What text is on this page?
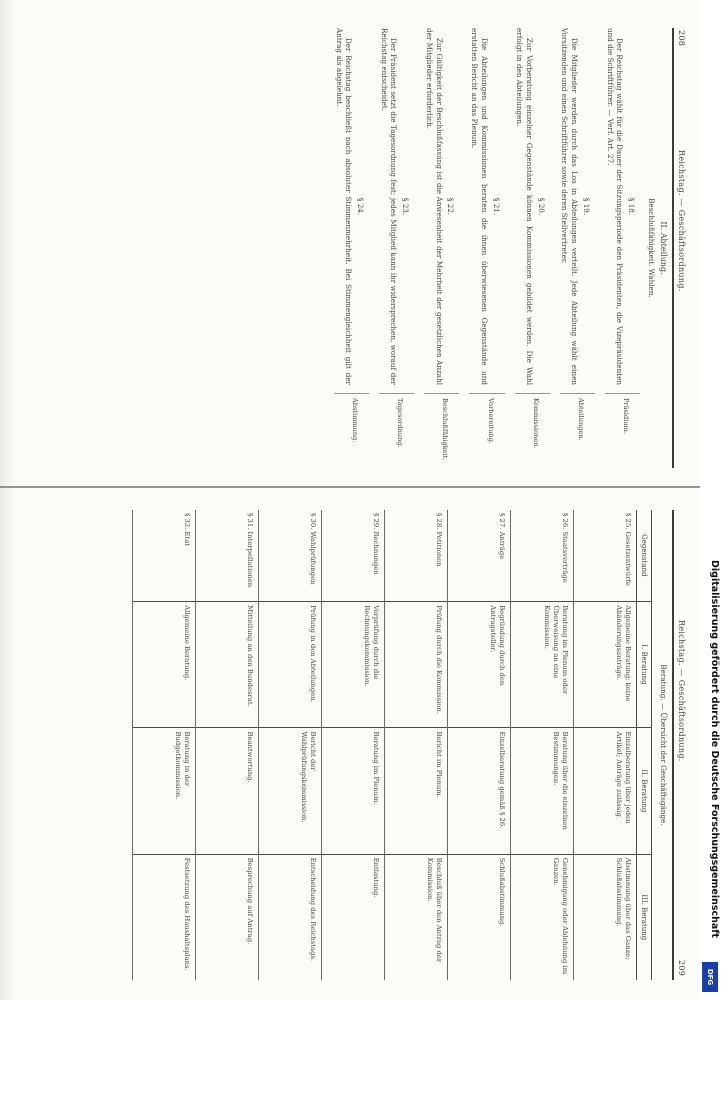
208
Reichstag. — Geschäftsordnung.
II. Abteilung.
Beschlußfähigkeit. Wahlen.
§ 18.
Der Reichstag wählt für die Dauer der Sitzungsperiode den Präsidenten, die Vizepräsidenten und die Schriftführer. — Verf. Art. 27.
Präsidium.
§ 19.
Die Mitglieder werden durch das Los in Abteilungen verteilt. Jede Abteilung wählt einen Vorsitzenden und einen Schriftführer sowie deren Stellvertreter.
Abteilungen.
§ 20.
Zur Vorberatung einzelner Gegenstände können Kommissionen gebildet werden. Die Wahl erfolgt in den Abteilungen.
Kommissionen.
§ 21.
Die Abteilungen und Kommissionen beraten die ihnen überwiesenen Gegenstände und erstatten Bericht an das Plenum.
Vorbereitung.
§ 22.
Zur Gültigkeit der Beschlußfassung ist die Anwesenheit der Mehrheit der gesetzlichen Anzahl der Mitglieder erforderlich.
Beschlußfähigkeit.
§ 23.
Der Präsident setzt die Tagesordnung fest; jedes Mitglied kann ihr widersprechen, worauf der Reichstag entscheidet.
Tagesordnung.
§ 24.
Der Reichstag beschließt nach absoluter Stimmenmehrheit. Bei Stimmengleichheit gilt der Antrag als abgelehnt.
Abstimmung.
Reichstag. — Geschäftsordnung.
209
Beratung. — Übersicht der Geschäftsgänge.
Gegenstand
I. Beratung
II. Beratung
III. Beratung
§ 25. Gesetzentwürfe
Allgemeine Beratung; keine Abänderungsanträge.
Einzelberatung über jeden Artikel; Anträge zulässig.
Abstimmung über das Ganze; Schlußabstimmung.
§ 26. Staatsverträge
Beratung im Plenum oder Überweisung an eine Kommission.
Beratung über die einzelnen Bestimmungen.
Genehmigung oder Ablehnung im Ganzen.
§ 27. Anträge
Begründung durch den Antragsteller.
Einzelberatung gemäß § 26.
Schlußabstimmung.
§ 28. Petitionen
Prüfung durch die Kommission.
Bericht im Plenum.
Beschluß über den Antrag der Kommission.
§ 29. Rechnungen
Vorprüfung durch die Rechnungskommission.
Beratung im Plenum.
Entlastung.
§ 30. Wahlprüfungen
Prüfung in den Abteilungen.
Bericht der Wahlprüfungskommission.
Entscheidung des Reichstags.
§ 31. Interpellationen
Mitteilung an den Bundesrat.
Beantwortung.
Besprechung auf Antrag.
§ 32. Etat
Allgemeine Beratung.
Beratung in der Budgetkommission.
Festsetzung des Haushaltsplans.	Digitalisierung gefördert durch die Deutsche Forschungsgemeinschaft
DFG
